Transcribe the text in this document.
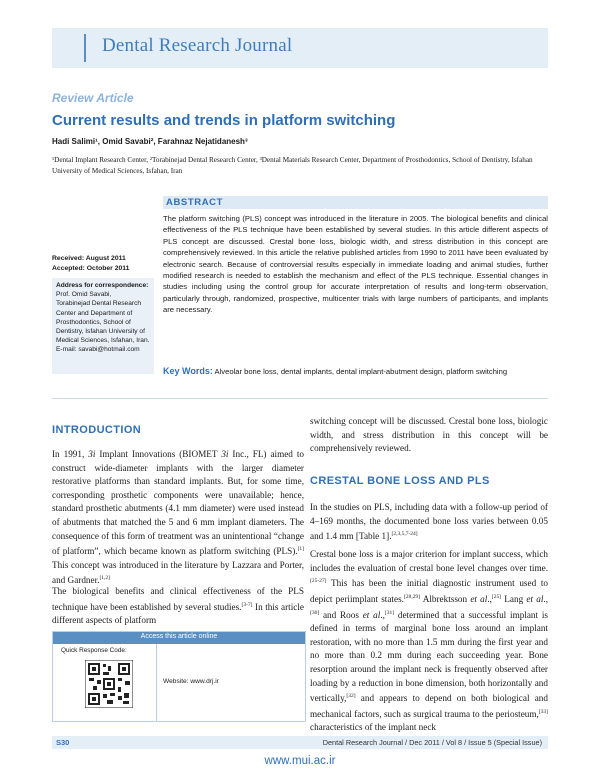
Dental Research Journal
Review Article
Current results and trends in platform switching
Hadi Salimi¹, Omid Savabi², Farahnaz Nejatidanesh³
¹Dental Implant Research Center, ²Torabinejad Dental Research Center, ³Dental Materials Research Center, Department of Prosthodontics, School of Dentistry, Isfahan University of Medical Sciences, Isfahan, Iran
ABSTRACT
The platform switching (PLS) concept was introduced in the literature in 2005. The biological benefits and clinical effectiveness of the PLS technique have been established by several studies. In this article different aspects of PLS concept are discussed. Crestal bone loss, biologic width, and stress distribution in this concept are comprehensively reviewed. In this article the relative published articles from 1990 to 2011 have been evaluated by electronic search. Because of controversial results especially in immediate loading and animal studies, further modified research is needed to establish the mechanism and effect of the PLS technique. Essential changes in studies including using the control group for accurate interpretation of results and long-term observation, particularly through, randomized, prospective, multicenter trials with large numbers of participants, and implants are necessary.
Key Words: Alveolar bone loss, dental implants, dental implant-abutment design, platform switching
Received: August 2011
Accepted: October 2011
Address for correspondence:
Prof. Omid Savabi,
Torabinejad Dental Research Center and Department of Prosthodontics, School of Dentistry, Isfahan University of Medical Sciences, Isfahan, Iran.
E-mail: savabi@hotmail.com
INTRODUCTION
In 1991, 3i Implant Innovations (BIOMET 3i Inc., FL) aimed to construct wide-diameter implants with the larger diameter restorative platforms than standard implants. But, for some time, corresponding prosthetic components were unavailable; hence, standard prosthetic abutments (4.1 mm diameter) were used instead of abutments that matched the 5 and 6 mm implant diameters. The consequence of this form of treatment was an unintentional “change of platform”, which became known as platform switching (PLS).[1] This concept was introduced in the literature by Lazzara and Porter, and Gardner.[1,2]
The biological benefits and clinical effectiveness of the PLS technique have been established by several studies.[3-7] In this article different aspects of platform
switching concept will be discussed. Crestal bone loss, biologic width, and stress distribution in this concept will be comprehensively reviewed.
CRESTAL BONE LOSS AND PLS
In the studies on PLS, including data with a follow-up period of 4–169 months, the documented bone loss varies between 0.05 and 1.4 mm [Table 1].[2,3,5,7-24]
Crestal bone loss is a major criterion for implant success, which includes the evaluation of crestal bone level changes over time.[25-27] This has been the initial diagnostic instrument used to depict periimplant states.[28,29] Albrektsson et al.,[25] Lang et al.,[30] and Roos et al.,[31] determined that a successful implant is defined in terms of marginal bone loss around an implant restoration, with no more than 1.5 mm during the first year and no more than 0.2 mm during each succeeding year. Bone resorption around the implant neck is frequently observed after loading by a reduction in bone dimension, both horizontally and vertically,[32] and appears to depend on both biological and mechanical factors, such as surgical trauma to the periosteum,[33] characteristics of the implant neck
Access this article online
Quick Response Code:
Website: www.drj.ir
S30	Dental Research Journal / Dec 2011 / Vol 8 / Issue 5 (Special Issue)
www.mui.ac.ir
